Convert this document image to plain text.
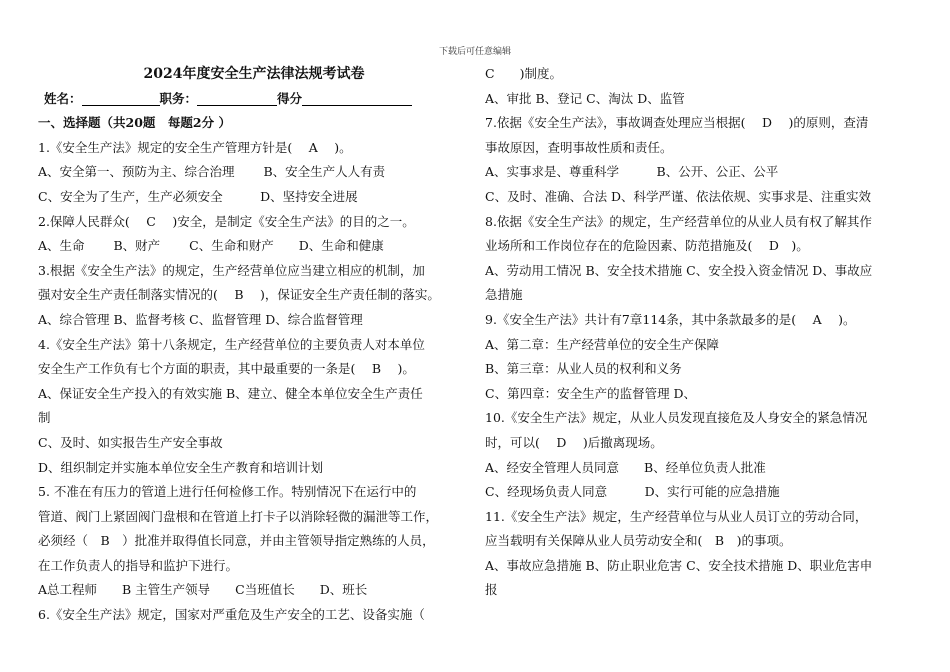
下载后可任意编辑
2024年度安全生产法律法规考试卷
姓名：	职务：	得分
一、选择题（共20题　每题2分 ）
1.《安全生产法》规定的安全生产管理方针是(　 A　 )。
A、安全第一、预防为主、综合治理　　 B、安全生产人人有责
C、安全为了生产，生产必须安全　　　D、坚持安全进展
2.保障人民群众(　 C　 )安全，是制定《安全生产法》的目的之一。
A、生命　　 B、财产　　 C、生命和财产　　D、生命和健康
3.根据《安全生产法》的规定，生产经营单位应当建立相应的机制，加
强对安全生产责任制落实情况的( 　B　 )，保证安全生产责任制的落实。
A、综合管理 B、监督考核 C、监督管理 D、综合监督管理
4.《安全生产法》第十八条规定，生产经营单位的主要负责人对本单位
安全生产工作负有七个方面的职责，其中最重要的一条是(　 B　 )。
A、保证安全生产投入的有效实施 B、建立、健全本单位安全生产责任
制
C、及时、如实报告生产安全事故
D、组织制定并实施本单位安全生产教育和培训计划
5. 不准在有压力的管道上进行任何检修工作。特别情况下在运行中的
管道、阀门上紧固阀门盘根和在管道上打卡子以消除轻微的漏泄等工作，
必须经（　B　）批准并取得值长同意，并由主管领导指定熟练的人员，
在工作负责人的指导和监护下进行。
A总工程师　　B 主管生产领导　　C当班值长　　D、班长
6.《安全生产法》规定，国家对严重危及生产安全的工艺、设备实施（
C　　)制度。
A、审批 B、登记 C、淘汰 D、监管
7.依据《安全生产法》，事故调查处理应当根据(　 D　 )的原则，查清
事故原因，查明事故性质和责任。
A、实事求是、尊重科学　　　B、公开、公正、公平
C、及时、准确、合法 D、科学严谨、依法依规、实事求是、注重实效
8.依据《安全生产法》的规定，生产经营单位的从业人员有权了解其作
业场所和工作岗位存在的危险因素、防范措施及( 　D　)。
A、劳动用工情况 B、安全技术措施 C、安全投入资金情况 D、事故应
急措施
9.《安全生产法》共计有7章114条，其中条款最多的是(　 A　 )。
A、第二章：生产经营单位的安全生产保障
B、第三章：从业人员的权利和义务
C、第四章：安全生产的监督管理 D、
10.《安全生产法》规定，从业人员发现直接危及人身安全的紧急情况
时，可以(　 D　 )后撤离现场。
A、经安全管理人员同意　　B、经单位负责人批准
C、经现场负责人同意　　　D、实行可能的应急措施
11.《安全生产法》规定，生产经营单位与从业人员订立的劳动合同，
应当载明有关保障从业人员劳动安全和(　B　)的事项。
A、事故应急措施 B、防止职业危害 C、安全技术措施 D、职业危害申
报
